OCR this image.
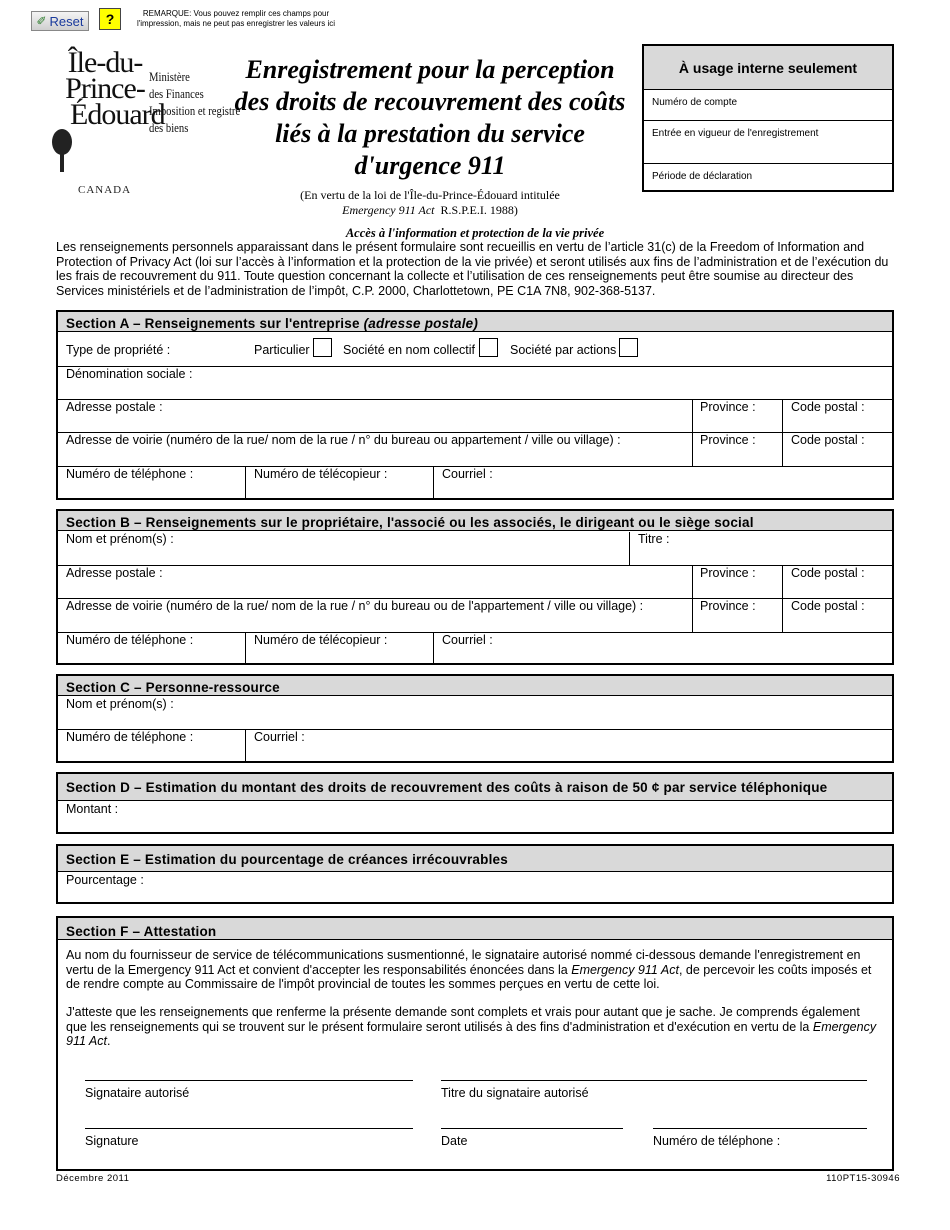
✐ Reset	?	REMARQUE: Vous pouvez remplir ces champs pour l'impression, mais ne peut pas enregistrer les valeurs ici
Île-du-
Prince-
Édouard
Ministère
des Finances
Imposition et registre
des biens
CANADA
Enregistrement pour la perception des droits de recouvrement des coûts liés à la prestation du service d'urgence 911
(En vertu de la loi de l'Île-du-Prince-Édouard intitulée
Emergency 911 Act R.S.P.E.I. 1988)
À usage interne seulement
Numéro de compte
Entrée en vigueur de l'enregistrement
Période de déclaration
Accès à l'information et protection de la vie privée
Les renseignements personnels apparaissant dans le présent formulaire sont recueillis en vertu de l’article 31(c) de la Freedom of Information and Protection of Privacy Act (loi sur l’accès à l’information et la protection de la vie privée) et seront utilisés aux fins de l’administration et de l’exécution du les frais de recouvrement du 911. Toute question concernant la collecte et l’utilisation de ces renseignements peut être soumise au directeur des Services ministériels et de l’administration de l’impôt, C.P. 2000, Charlottetown, PE C1A 7N8, 902-368-5137.
Section A – Renseignements sur l'entreprise (adresse postale)
Type de propriété :	Particulier	Société en nom collectif	Société par actions
Dénomination sociale :
Adresse postale :	Province :	Code postal :
Adresse de voirie (numéro de la rue/ nom de la rue / n° du bureau ou appartement / ville ou village) :	Province :	Code postal :
Numéro de téléphone :	Numéro de télécopieur :	Courriel :
Section B – Renseignements sur le propriétaire, l'associé ou les associés, le dirigeant ou le siège social
Nom et prénom(s) :	Titre :
Adresse postale :	Province :	Code postal :
Adresse de voirie (numéro de la rue/ nom de la rue / n° du bureau ou de l'appartement / ville ou village) :	Province :	Code postal :
Numéro de téléphone :	Numéro de télécopieur :	Courriel :
Section C – Personne-ressource
Nom et prénom(s) :
Numéro de téléphone :	Courriel :
Section D – Estimation du montant des droits de recouvrement des coûts à raison de 50 ¢ par service téléphonique
Montant :
Section E – Estimation du pourcentage de créances irrécouvrables
Pourcentage :
Section F – Attestation
Au nom du fournisseur de service de télécommunications susmentionné, le signataire autorisé nommé ci-dessous demande l'enregistrement en vertu de la Emergency 911 Act et convient d'accepter les responsabilités énoncées dans la Emergency 911 Act, de percevoir les coûts imposés et de rendre compte au Commissaire de l'impôt provincial de toutes les sommes perçues en vertu de cette loi.
J'atteste que les renseignements que renferme la présente demande sont complets et vrais pour autant que je sache. Je comprends également que les renseignements qui se trouvent sur le présent formulaire seront utilisés à des fins d'administration et d'exécution en vertu de la Emergency 911 Act.
Signataire autorisé	Titre du signataire autorisé
Signature	Date	Numéro de téléphone :
Décembre 2011	110PT15-30946
